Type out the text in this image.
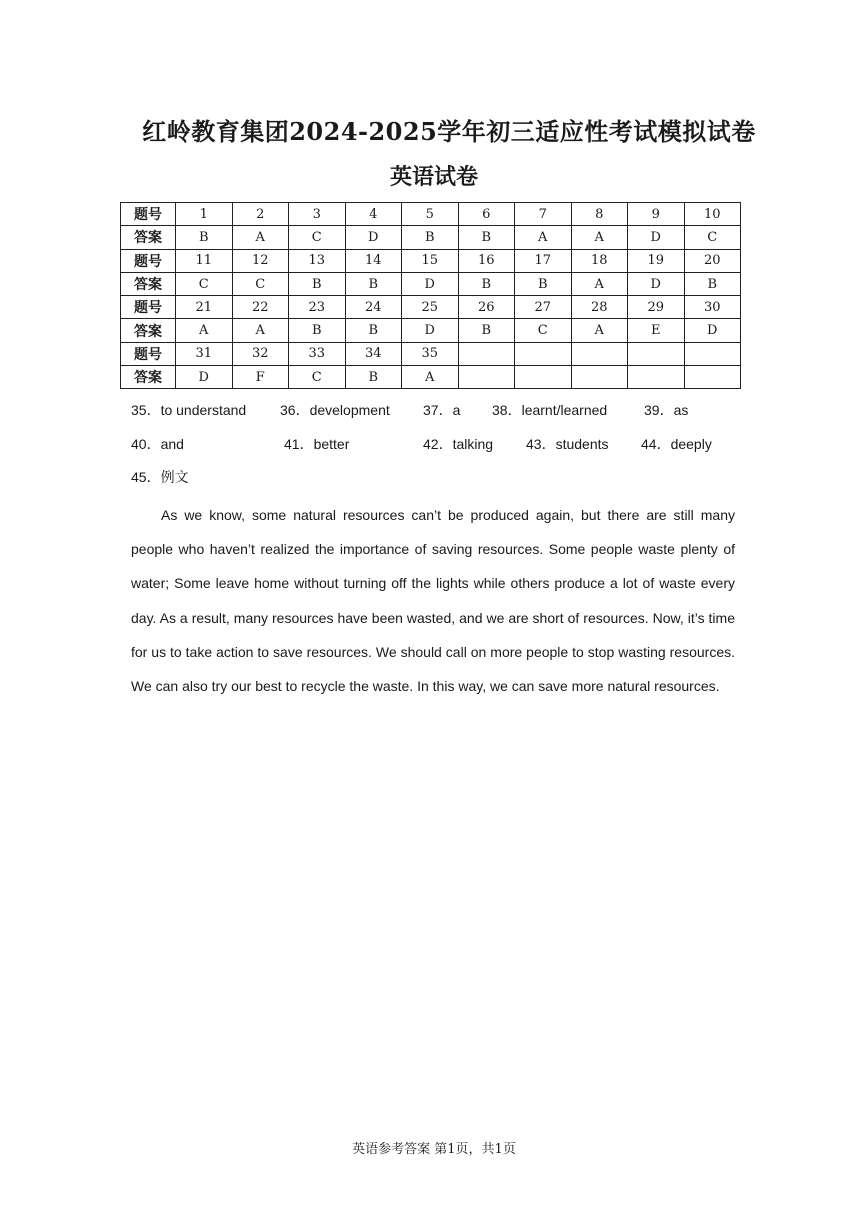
红岭教育集团2024-2025学年初三适应性考试模拟试卷
英语试卷
题号	1	2	3	4	5	6	7	8	9	10
答案	B	A	C	D	B	B	A	A	D	C
题号	11	12	13	14	15	16	17	18	19	20
答案	C	C	B	B	D	B	B	A	D	B
题号	21	22	23	24	25	26	27	28	29	30
答案	A	A	B	B	D	B	C	A	E	D
题号	31	32	33	34	35					
答案	D	F	C	B	A					
35．to understand 36．development 37．a 38．learnt/learned	39．as
40．and	41．better	42．talking 43．students 44．deeply
45．例文

As we know, some natural resources can’t be produced again, but there are still many people who haven’t realized the importance of saving resources. Some people waste plenty of water; Some leave home without turning off the lights while others produce a lot of waste every day. As a result, many resources have been wasted, and we are short of resources. Now, it’s time for us to take action to save resources. We should call on more people to stop wasting resources. We can also try our best to recycle the waste. In this way, we can save more natural resources.

英语参考答案 第1页，共1页
